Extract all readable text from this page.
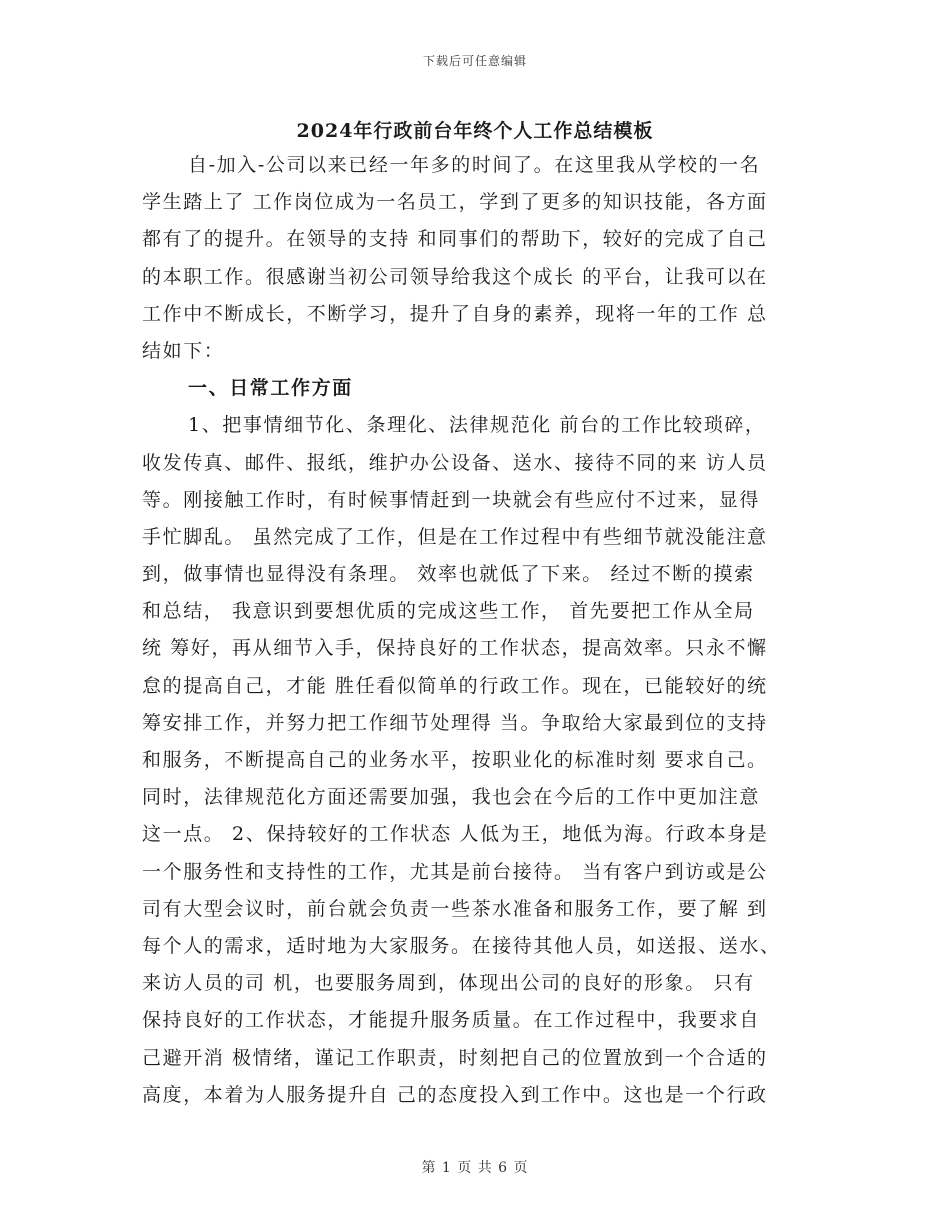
下载后可任意编辑
2024年行政前台年终个人工作总结模板
自-加入-公司以来已经一年多的时间了。在这里我从学校的一名
学生踏上了 工作岗位成为一名员工，学到了更多的知识技能，各方面
都有了的提升。在领导的支持 和同事们的帮助下，较好的完成了自己
的本职工作。很感谢当初公司领导给我这个成长 的平台，让我可以在
工作中不断成长，不断学习，提升了自身的素养，现将一年的工作 总
结如下：
一、日常工作方面
1、把事情细节化、条理化、法律规范化 前台的工作比较琐碎，
收发传真、邮件、报纸，维护办公设备、送水、接待不同的来 访人员
等。刚接触工作时，有时候事情赶到一块就会有些应付不过来，显得
手忙脚乱。 虽然完成了工作，但是在工作过程中有些细节就没能注意
到，做事情也显得没有条理。 效率也就低了下来。 经过不断的摸索
和总结， 我意识到要想优质的完成这些工作， 首先要把工作从全局
统 筹好，再从细节入手，保持良好的工作状态，提高效率。只永不懈
怠的提高自己，才能 胜任看似简单的行政工作。现在，已能较好的统
筹安排工作，并努力把工作细节处理得 当。争取给大家最到位的支持
和服务，不断提高自己的业务水平，按职业化的标准时刻 要求自己。
同时，法律规范化方面还需要加强，我也会在今后的工作中更加注意
这一点。 2、保持较好的工作状态 人低为王，地低为海。行政本身是
一个服务性和支持性的工作，尤其是前台接待。 当有客户到访或是公
司有大型会议时，前台就会负责一些茶水准备和服务工作，要了解 到
每个人的需求，适时地为大家服务。在接待其他人员，如送报、送水、
来访人员的司 机，也要服务周到，体现出公司的良好的形象。 只有
保持良好的工作状态，才能提升服务质量。在工作过程中，我要求自
己避开消 极情绪，谨记工作职责，时刻把自己的位置放到一个合适的
高度，本着为人服务提升自 己的态度投入到工作中。这也是一个行政
第 1 页 共 6 页
